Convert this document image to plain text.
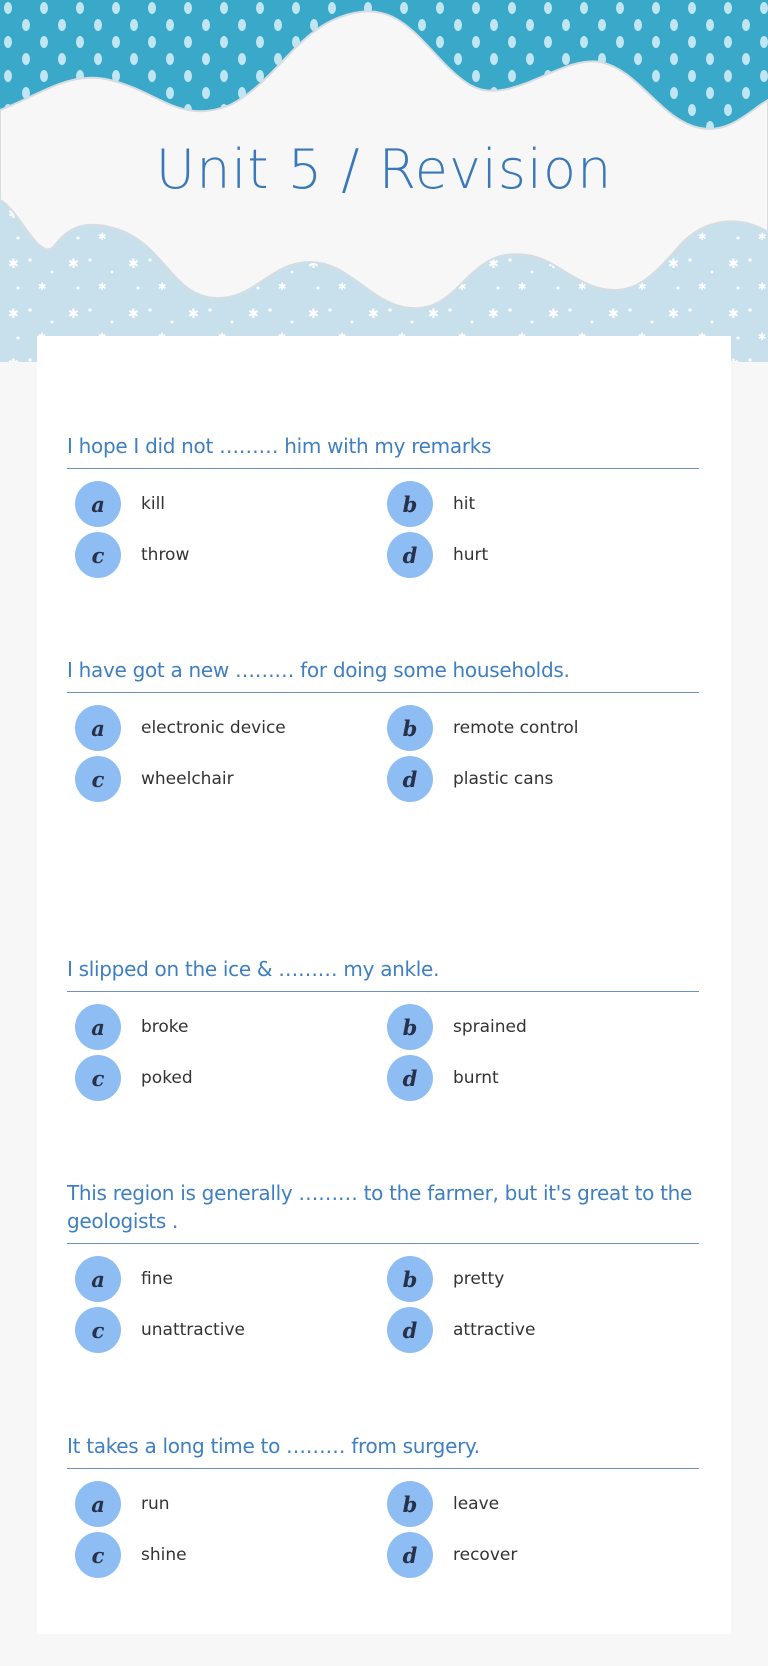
Unit 5 / Revision
I hope I did not ……… him with my remarks
a	kill	b	hit
c	throw	d	hurt
I have got a new ……… for doing some households.
a	electronic device	b	remote control
c	wheelchair	d	plastic cans
I slipped on the ice & ……… my ankle.
a	broke	b	sprained
c	poked	d	burnt
This region is generally ……… to the farmer, but it's great to the geologists .
a	fine	b	pretty
c	unattractive	d	attractive
It takes a long time to ……… from surgery.
a	run	b	leave
c	shine	d	recover
